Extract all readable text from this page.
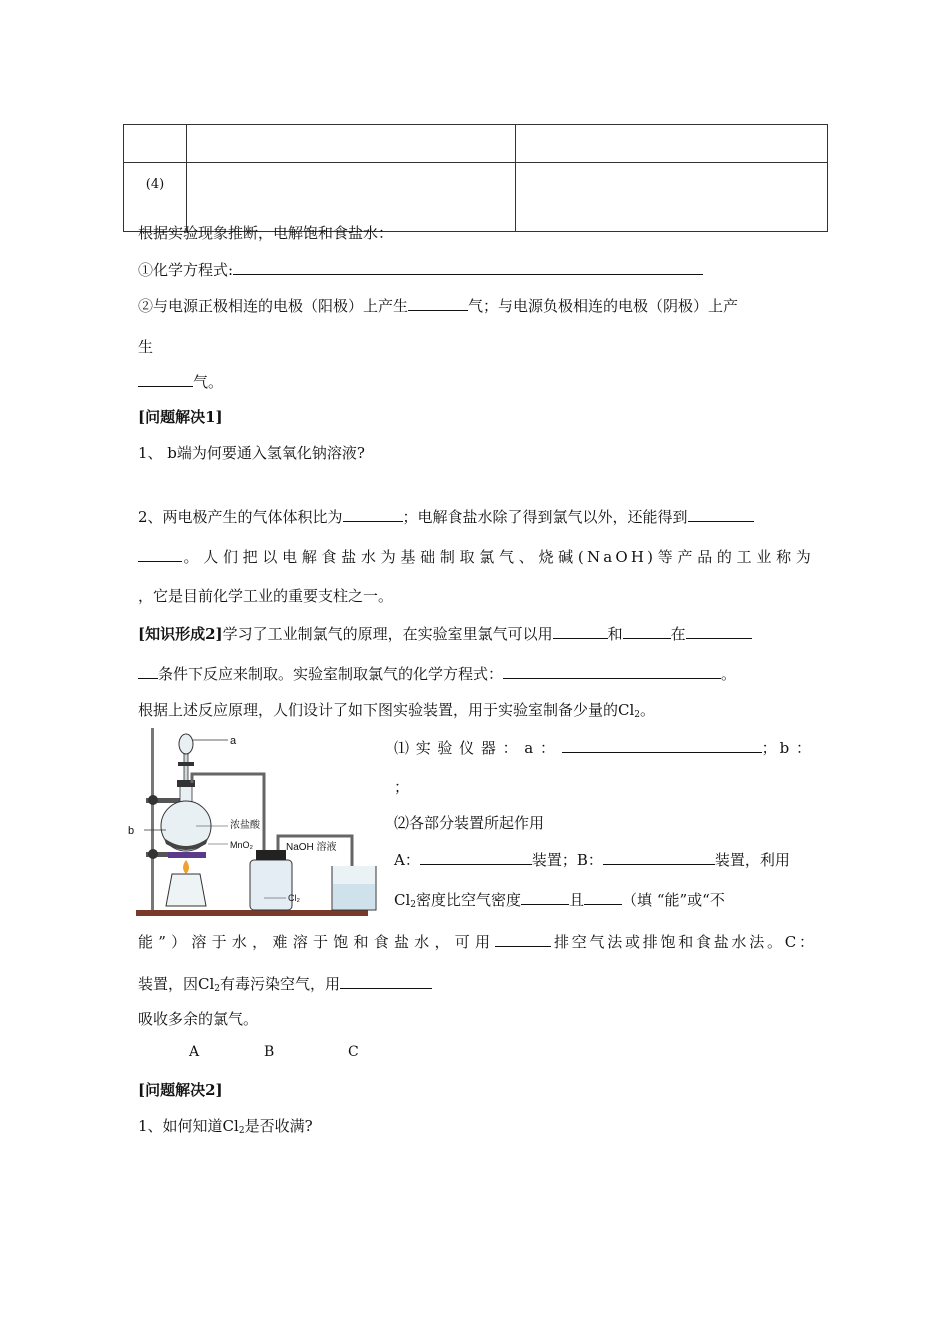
(4)		
根据实验现象推断，电解饱和食盐水：
①化学方程式:
②与电源正极相连的电极（阳极）上产生	气；与电源负极相连的电极（阴极）上产
生
气。
[问题解决1]
1、 b端为何要通入氢氧化钠溶液?
2、两电极产生的气体体积比为	；电解食盐水除了得到氯气以外，还能得到
。人们把以电解食盐水为基础制取氯气、烧碱(NaOH)等产品的工业称为
，它是目前化学工业的重要支柱之一。
[知识形成2]学习了工业制氯气的原理，在实验室里氯气可以用	和	在
条件下反应来制取。实验室制取氯气的化学方程式：	。
根据上述反应原理，人们设计了如下图实验装置，用于实验室制备少量的$Cl_2$。
a
b	浓盐酸
MnO₂
Cl₂
NaOH 溶液
⑴实验仪器：a：	；b：
；
⑵各部分装置所起作用
A：	装置；B：	装置，利用
$Cl_2$密度比空气密度	且	（填 “能”或“不
能”）溶于水，难溶于饱和食盐水，可用	排空气法或排饱和食盐水法。C：
装置，因$Cl_2$有毒污染空气，用
吸收多余的氯气。
A	B	C
[问题解决2]
1、如何知道$Cl_2$是否收满?
